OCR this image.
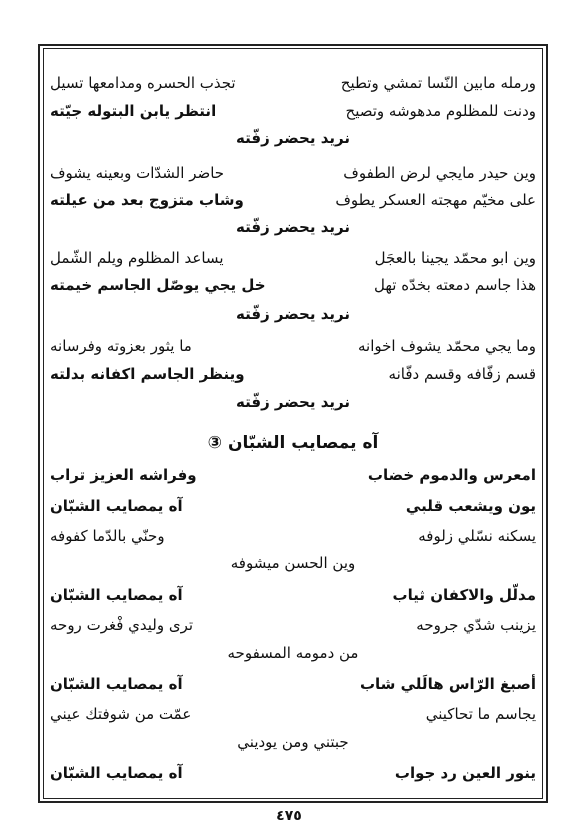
ورمله مابين النّسا تمشي وتطيح
تجذب الحسره ومدامعها تسيل
ودنت للمظلوم مدهوشه وتصيح
انتظر يابن البتوله جيّته
نريد يحضر زفّته
وين حيدر مايجي لرض الطفوف
حاضر الشدّات وبعينه يشوف
على مخيّم مهجته العسكر يطوف
وشاب متزوج بعد من عيلته
نريد يحضر زفّته
وين ابو محمّد يجينا بالعجَل
يساعد المظلوم ويلم الشّمل
هذا جاسم دمعته بخدّه تهل
خل يجي يوصّل الجاسم خيمته
نريد يحضر زفّته
وما يجي محمّد يشوف اخوانه
ما يثور بعزوته وفرسانه
قسم زفّافه وقسم دفّانه
وينظر الجاسم اكفانه بدلته
نريد يحضر زفّته
آه يمصايب الشبّان ③
امعرس والدموم خضاب
وفراشه العزيز تراب
يون ويشعب قلبي
آه يمصايب الشبّان
يسكنه نسّلي زلوفه
وحنّي بالدّما كفوفه
وين الحسن ميشوفه
مدلّل والاكفان ثياب
آه يمصايب الشبّان
يزينب شدّي جروحه
ترى وليدي فْغرت روحه
من دمومه المسفوحه
أصبغ الرّاس هالَلي شاب
آه يمصايب الشبّان
يجاسم ما تحاكيني
عمّت من شوفتك عيني
جبتني ومن يوديني
ينور العين رد جواب
آه يمصايب الشبّان
٤٧٥
